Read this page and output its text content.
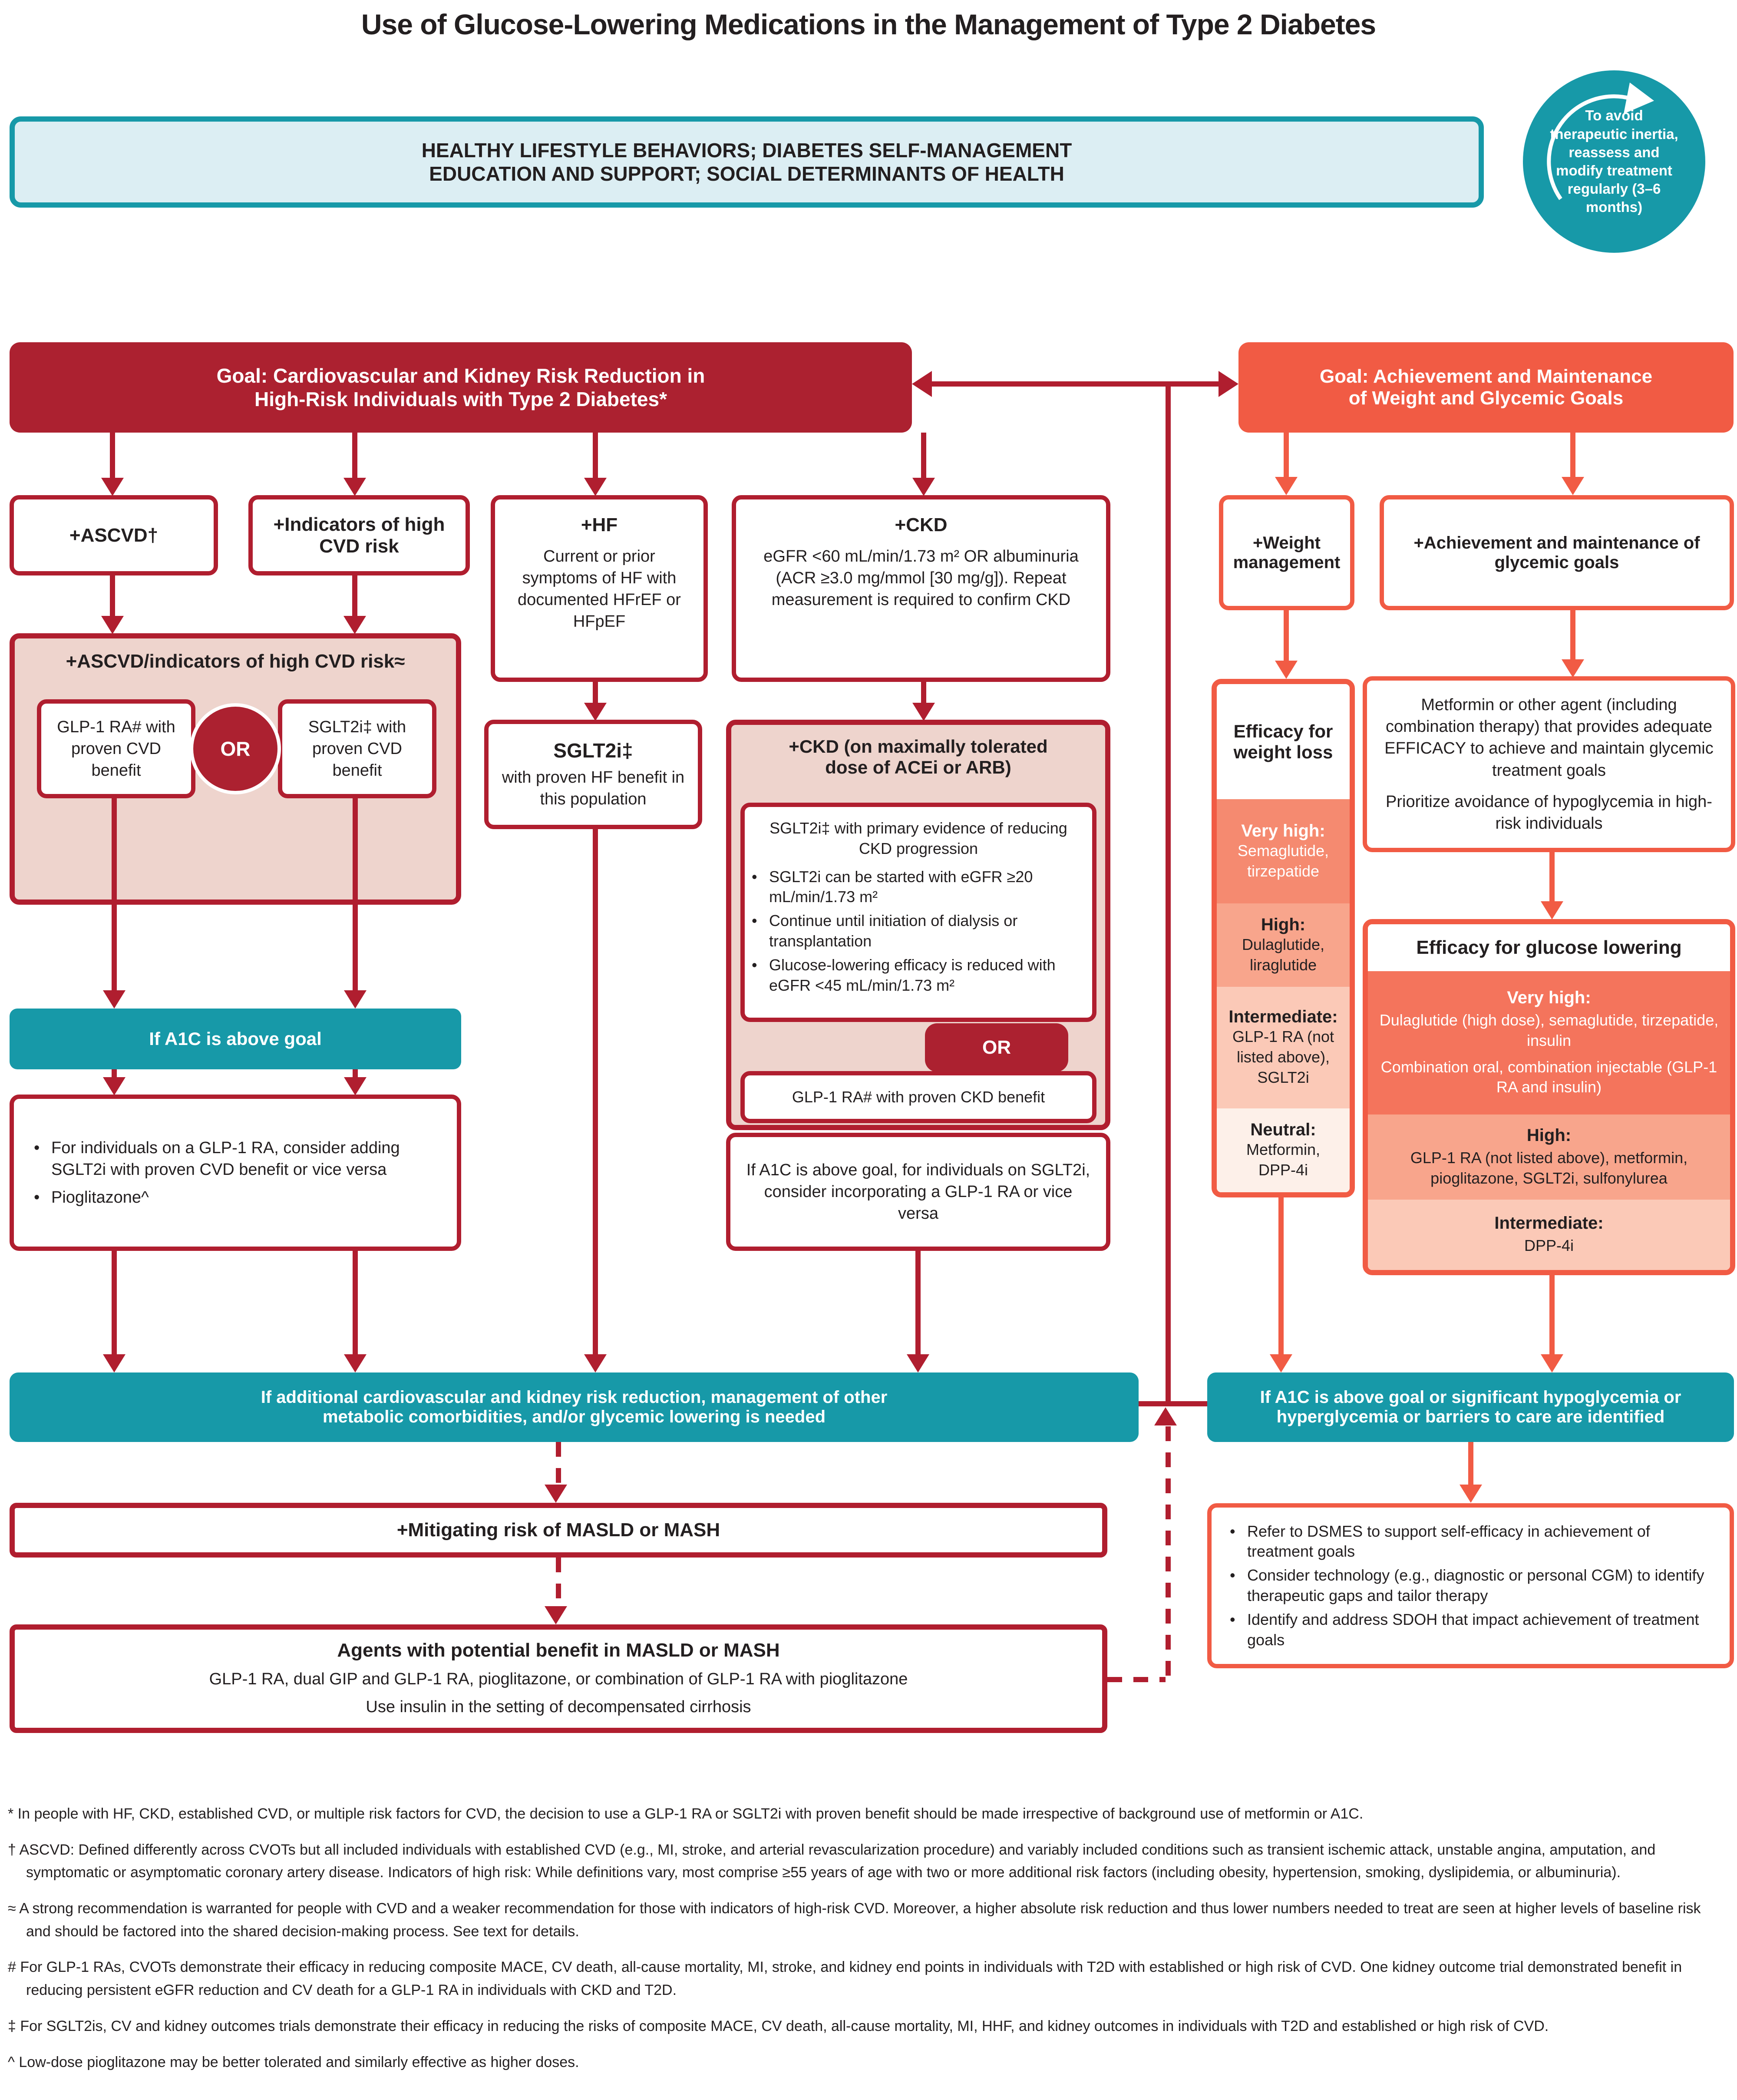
Use of Glucose-Lowering Medications in the Management of Type 2 Diabetes
HEALTHY LIFESTYLE BEHAVIORS; DIABETES SELF-MANAGEMENT
EDUCATION AND SUPPORT; SOCIAL DETERMINANTS OF HEALTH
To avoid therapeutic inertia, reassess and modify treatment regularly (3–6 months)
Goal: Cardiovascular and Kidney Risk Reduction in
High-Risk Individuals with Type 2 Diabetes*
Goal: Achievement and Maintenance
of Weight and Glycemic Goals
+ASCVD†
+Indicators of high CVD risk
+HF
Current or prior symptoms of HF with documented HFrEF or HFpEF
+CKD
eGFR <60 mL/min/1.73 m² OR albuminuria (ACR ≥3.0 mg/mmol [30 mg/g]). Repeat measurement is required to confirm CKD
+Weight management
+Achievement and maintenance of glycemic goals
+ASCVD/indicators of high CVD risk≈
GLP-1 RA# with proven CVD benefit
OR
SGLT2i‡ with proven CVD benefit
If A1C is above goal
• For individuals on a GLP-1 RA, consider adding SGLT2i with proven CVD benefit or vice versa
• Pioglitazone^
SGLT2i‡
with proven HF benefit in this population
+CKD (on maximally tolerated
dose of ACEi or ARB)
SGLT2i‡ with primary evidence of reducing CKD progression
• SGLT2i can be started with eGFR ≥20 mL/min/1.73 m²
• Continue until initiation of dialysis or transplantation
• Glucose-lowering efficacy is reduced with eGFR <45 mL/min/1.73 m²
OR
GLP-1 RA# with proven CKD benefit
If A1C is above goal, for individuals on SGLT2i, consider incorporating a GLP-1 RA or vice versa
If additional cardiovascular and kidney risk reduction, management of other
metabolic comorbidities, and/or glycemic lowering is needed
+Mitigating risk of MASLD or MASH
Agents with potential benefit in MASLD or MASH
GLP-1 RA, dual GIP and GLP-1 RA, pioglitazone, or combination of GLP-1 RA with pioglitazone
Use insulin in the setting of decompensated cirrhosis
Efficacy for weight loss
Very high:
Semaglutide, tirzepatide
High:
Dulaglutide, liraglutide
Intermediate:
GLP-1 RA (not listed above), SGLT2i
Neutral:
Metformin, DPP-4i
Metformin or other agent (including combination therapy) that provides adequate EFFICACY to achieve and maintain glycemic treatment goals
Prioritize avoidance of hypoglycemia in high-risk individuals
Efficacy for glucose lowering
Very high:
Dulaglutide (high dose), semaglutide, tirzepatide, insulin
Combination oral, combination injectable (GLP-1 RA and insulin)
High:
GLP-1 RA (not listed above), metformin, pioglitazone, SGLT2i, sulfonylurea
Intermediate:
DPP-4i
If A1C is above goal or significant hypoglycemia or
hyperglycemia or barriers to care are identified
• Refer to DSMES to support self-efficacy in achievement of treatment goals
• Consider technology (e.g., diagnostic or personal CGM) to identify therapeutic gaps and tailor therapy
• Identify and address SDOH that impact achievement of treatment goals

* In people with HF, CKD, established CVD, or multiple risk factors for CVD, the decision to use a GLP-1 RA or SGLT2i with proven benefit should be made irrespective of background use of metformin or A1C.

† ASCVD: Defined differently across CVOTs but all included individuals with established CVD (e.g., MI, stroke, and arterial revascularization procedure) and variably included conditions such as transient ischemic attack, unstable angina, amputation, and symptomatic or asymptomatic coronary artery disease. Indicators of high risk: While definitions vary, most comprise ≥55 years of age with two or more additional risk factors (including obesity, hypertension, smoking, dyslipidemia, or albuminuria).

≈ A strong recommendation is warranted for people with CVD and a weaker recommendation for those with indicators of high-risk CVD. Moreover, a higher absolute risk reduction and thus lower numbers needed to treat are seen at higher levels of baseline risk and should be factored into the shared decision-making process. See text for details.

# For GLP-1 RAs, CVOTs demonstrate their efficacy in reducing composite MACE, CV death, all-cause mortality, MI, stroke, and kidney end points in individuals with T2D with established or high risk of CVD. One kidney outcome trial demonstrated benefit in reducing persistent eGFR reduction and CV death for a GLP-1 RA in individuals with CKD and T2D.

‡ For SGLT2is, CV and kidney outcomes trials demonstrate their efficacy in reducing the risks of composite MACE, CV death, all-cause mortality, MI, HHF, and kidney outcomes in individuals with T2D and established or high risk of CVD.

^ Low-dose pioglitazone may be better tolerated and similarly effective as higher doses.
